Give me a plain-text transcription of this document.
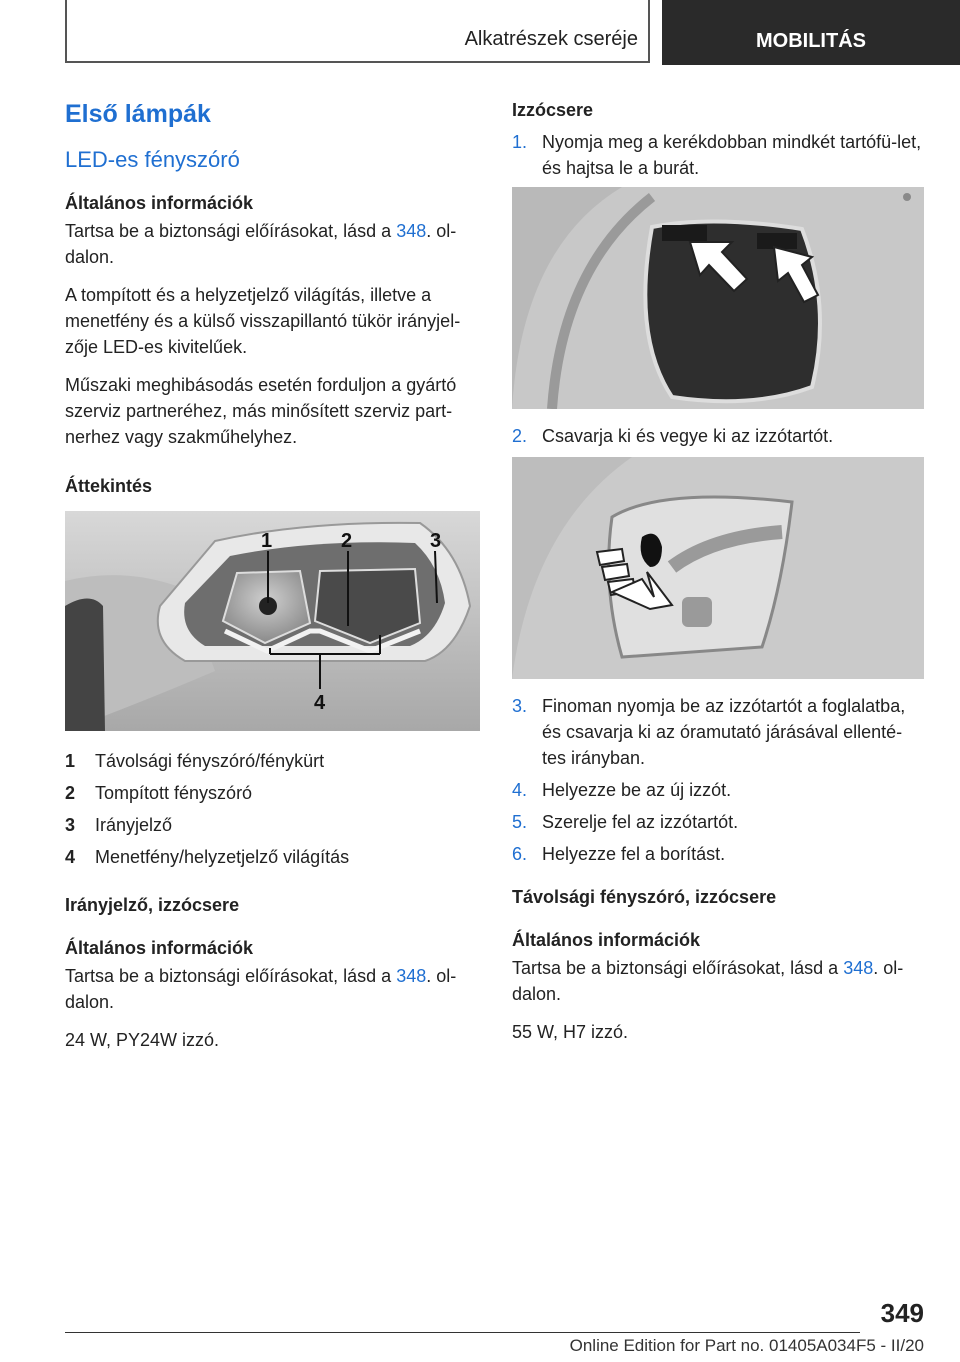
Alkatrészek cseréje	MOBILITÁS
Első lámpák
LED-es fényszóró
Általános információk

Tartsa be a biztonsági előírásokat, lásd a 348. ol‐dalon.

A tompított és a helyzetjelző világítás, illetve a menetfény és a külső visszapillantó tükör irányjel‐zője LED-es kivitelűek.

Műszaki meghibásodás esetén forduljon a gyártó szerviz partneréhez, más minősített szerviz part‐nerhez vagy szakműhelyhez.

Áttekintés
1	2	3
4
1	Távolsági fényszóró/fénykürt
2	Tompított fényszóró
3	Irányjelző
4	Menetfény/helyzetjelző világítás
Irányjelző, izzócsere
Általános információk

Tartsa be a biztonsági előírásokat, lásd a 348. ol‐dalon.

24 W, PY24W izzó.

Izzócsere
1. Nyomja meg a kerékdobban mindkét tartófü‐let, és hajtsa le a burát.
2. Csavarja ki és vegye ki az izzótartót.
3. Finoman nyomja be az izzótartót a foglalatba, és csavarja ki az óramutató járásával ellenté‐tes irányban.
4. Helyezze be az új izzót.
5. Szerelje fel az izzótartót.
6. Helyezze fel a borítást.
Távolsági fényszóró, izzócsere
Általános információk

Tartsa be a biztonsági előírásokat, lásd a 348. ol‐dalon.

55 W, H7 izzó.

349
Online Edition for Part no. 01405A034F5 - II/20
